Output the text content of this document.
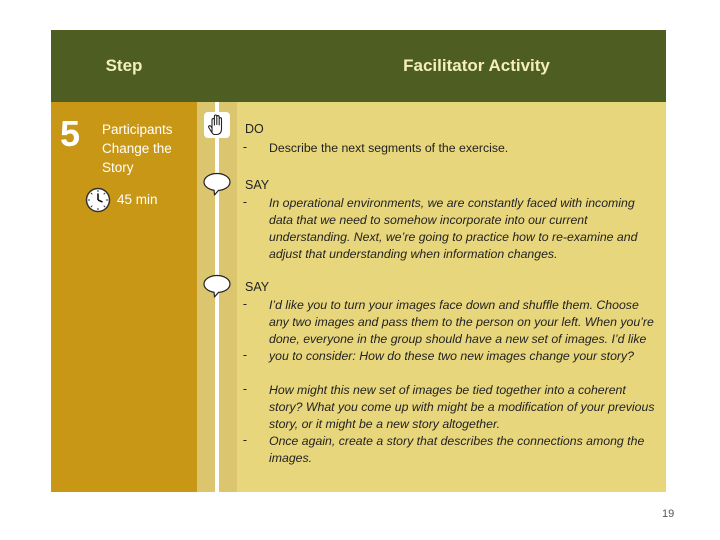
Step	Facilitator Activity
5 Participants Change the Story
45 min
DO
- Describe the next segments of the exercise.
SAY
- In operational environments, we are constantly faced with incoming data that we need to somehow incorporate into our current understanding. Next, we’re going to practice how to re-examine and adjust that understanding when information changes.
SAY
- I’d like you to turn your images face down and shuffle them. Choose any two images and pass them to the person on your left. When you’re done, everyone in the group should have a new set of images. I’d like you to consider: How do these two new images change your story?
-
- How might this new set of images be tied together into a coherent story? What you come up with might be a modification of your previous story, or it might be a new story altogether.
- Once again, create a story that describes the connections among the images.
19
